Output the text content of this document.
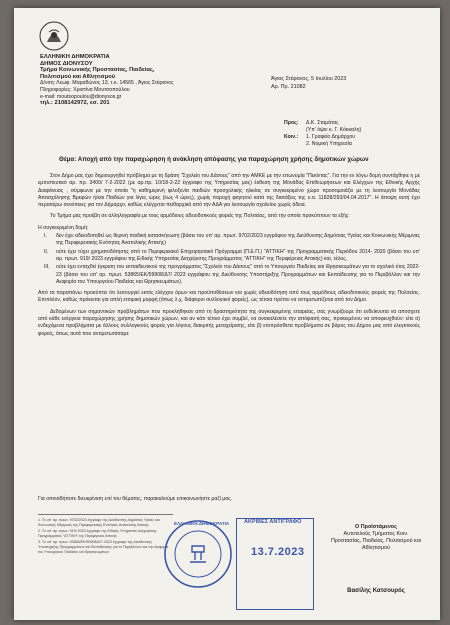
ΕΛΛΗΝΙΚΗ ΔΗΜΟΚΡΑΤΙΑ
ΔΗΜΟΣ ΔΙΟΝΥΣΟΥ
Τμήμα Κοινωνικής Προστασίας, Παιδείας,
Πολιτισμού και Αθλητισμού
Δ/νση: Λεωφ. Μαραθώνος 13, τ.κ. 14565 , Άγιος Στέφανος
Πληροφορίες: Χριστίνα Μουτσοπούλου
e-mail: moutsopoulou@dionysos.gr
τηλ.: 2108142972, εσ. 201
Άγιος Στέφανος, 5 Ιουλίου 2023
Αρ. Πρ. 21082
Προς: Δ.Κ. Σταμάτας
(Υπ' όψιν κ. Γ. Κόκκαλη)
Κοιν.: 1. Γραφείο Δημάρχου
2. Νομική Υπηρεσία
Θέμα: Αποχή από την παραχώρηση ή ανάκληση απόφασης για παραχώρηση χρήσης δημοτικών χώρων

Στον Δήμο μας έχει δημιουργηθεί πρόβλημα με τη δράση "Σχολείο του Δάσους" από την ΑΜΚΕ με την επωνυμία "Πεκίντας". Για την εν λόγω δομή συντάχθηκε η με εμπιστευτικό αρ. πρ. 3400/ 7-2-2022 (με αρ.πρ. 10/18-2-22 έγγραφο της Υπηρεσίας μας) έκθεση της Μονάδας Επιθεωρήσεων και Ελέγχων της Εθνικής Αρχής Διαφάνειας , σύμφωνα με την οποία "η καθημερινή φιλοξενία παιδιών προσχολικής ηλικίας σε συγκεκριμένο χώρο προσομοιάζει με τη λειτουργία Μονάδας Απασχόλησης Βρεφών ή/και Παιδιών για λίγες ώρες (έως 4 ώρες), χωρίς παροχή φαγητού κατά της διατάξεις της υ.α. 11828/293/04.04.2017". Η άποψη αυτή έχει περαιτέρω συνέπειες για τον Δήμαρχο, καθώς ελέγχεται πειθαρχικά από την ΑΔΑ για λειτουργία σχολείου χωρίς άδεια.

Το Τμήμα μας προέβη σε αλληλογραφία με τους αρμόδιους αδειοδοτικούς φορείς της Πολιτείας, από την οποία προκύπτουν τα εξής:

Η συγκεκριμένη δομή:

I. δεν έχει αδειοδοτηθεί ως θερινή παιδική κατασκήνωση (βάσει του υπ' αρ. πρωτ. 9702/2023 εγγράφου της Διεύθυνσης Δημόσιας Υγείας και Κοινωνικής Μέριμνας της Περιφερειακής Ενότητας Ανατολικής Αττικής)
II. ούτε έχει τύχει χρηματοδότησης από το Περιφερειακό Επιχειρησιακό Πρόγραμμα (Π.Ε.Π.) "ΑΤΤΙΚΗ" της Προγραμματικής Περιόδου 2014- 2020 (βάσει του υπ' αρ. πρωτ. 919/ 2023 εγγράφου της Ειδικής Υπηρεσίας Διαχείρισης Προγράμματος "ΑΤΤΙΚΗ" της Περιφέρειας Αττικής) και, τέλος,
III. ούτε έχει ενταχθεί έγκριση του εκπαιδευτικού της προγράμματος "Σχολείο του Δάσους" από το Υπουργείο Παιδείας και Θρησκευμάτων για το σχολικό έτος 2022- 23 (βάσει του υπ' αρ. πρωτ. 53865/ΕΚ/59908/Δ7/ 2023 εγγράφου της Διεύθυνσης Υποστήριξης Προγραμμάτων και Εκπαίδευσης για το Περιβάλλον και την Αειφορία του Υπουργείου Παιδείας και Θρησκευμάτων).

Από τα παραπάνω προκύπτει ότι λειτουργεί εκτός ελέγχου όρων και προϋποθέσεων και χωρίς αδειοδότηση από τους αρμόδιους αδειοδοτικούς φορείς της Πολιτείας. Επιπλέον, καθώς πρόκειται για απλή εταιρική μορφή (όπως λ.χ. διάφοροι συλλογικοί φορείς), ως τέτοια πρέπει να αντιμετωπίζεται από τον Δήμο.

Δεδομένων των σημαντικών προβλημάτων που προκλήθηκαν από τη δραστηριότητα της συγκεκριμένης εταιρείας, σας γνωρίζουμε ότι ενδείκνυται να αποσχετε από κάθε ενέργεια παραχώρησης χρήσης δημοτικών χώρων, και αν κάτι τέτοιο έχει συμβεί, να ανακαλέσετε την απόφασή σας, προκειμένου να αποφευχθούν: είτε α) ενδεχόμενα προβλήματα με άλλους συλλογικούς φορείς για λόγους διακριτής μεταχείρισης, είτε β) επιπρόσθετα προβλήματα σε βάρος του Δήμου μας από ελεγκτικούς φορείς, όπως αυτά που αντιμετωπίσαμε

Για οποιαδήποτε διευκρίνιση επί του θέματος, παρακαλούμε επικοινωνήστε μαζί μας.

1. Το υπ' αρ. πρωτ. 9702/2023 έγγραφο της Διεύθυνσης Δημόσιας Υγείας και Κοινωνικής Μέριμνας της Περιφερειακής Ενότητας Ανατολικής Αττικής

2. Το υπ' αρ. πρωτ. 919/ 2023 έγγραφο της Ειδικής Υπηρεσίας Διαχείρισης Προγράμματος "ΑΤΤΙΚΗ" της Περιφέρειας Αττικής

3. Το υπ' αρ. πρωτ. 53865/ΕΚ/59908/Δ7/ 2023 έγγραφο της Διεύθυνσης Υποστήριξης Προγραμμάτων και Εκπαίδευσης για το Περιβάλλον και την Αειφορία του Υπουργείου Παιδείας και Θρησκευμάτων

ΕΛΛΗΝΙΚΗ ΔΗΜΟΚΡΑΤΙΑ	ΑΚΡΙΒΕΣ ΑΝΤΙΓΡΑΦΟ
13.7.2023
Ο Προϊστάμενος
Αυτοτελούς Τμήματος Κοιν.
Προστασίας, Παιδείας, Πολιτισμού και Αθλητισμού
Βασίλης Κατσουρός
